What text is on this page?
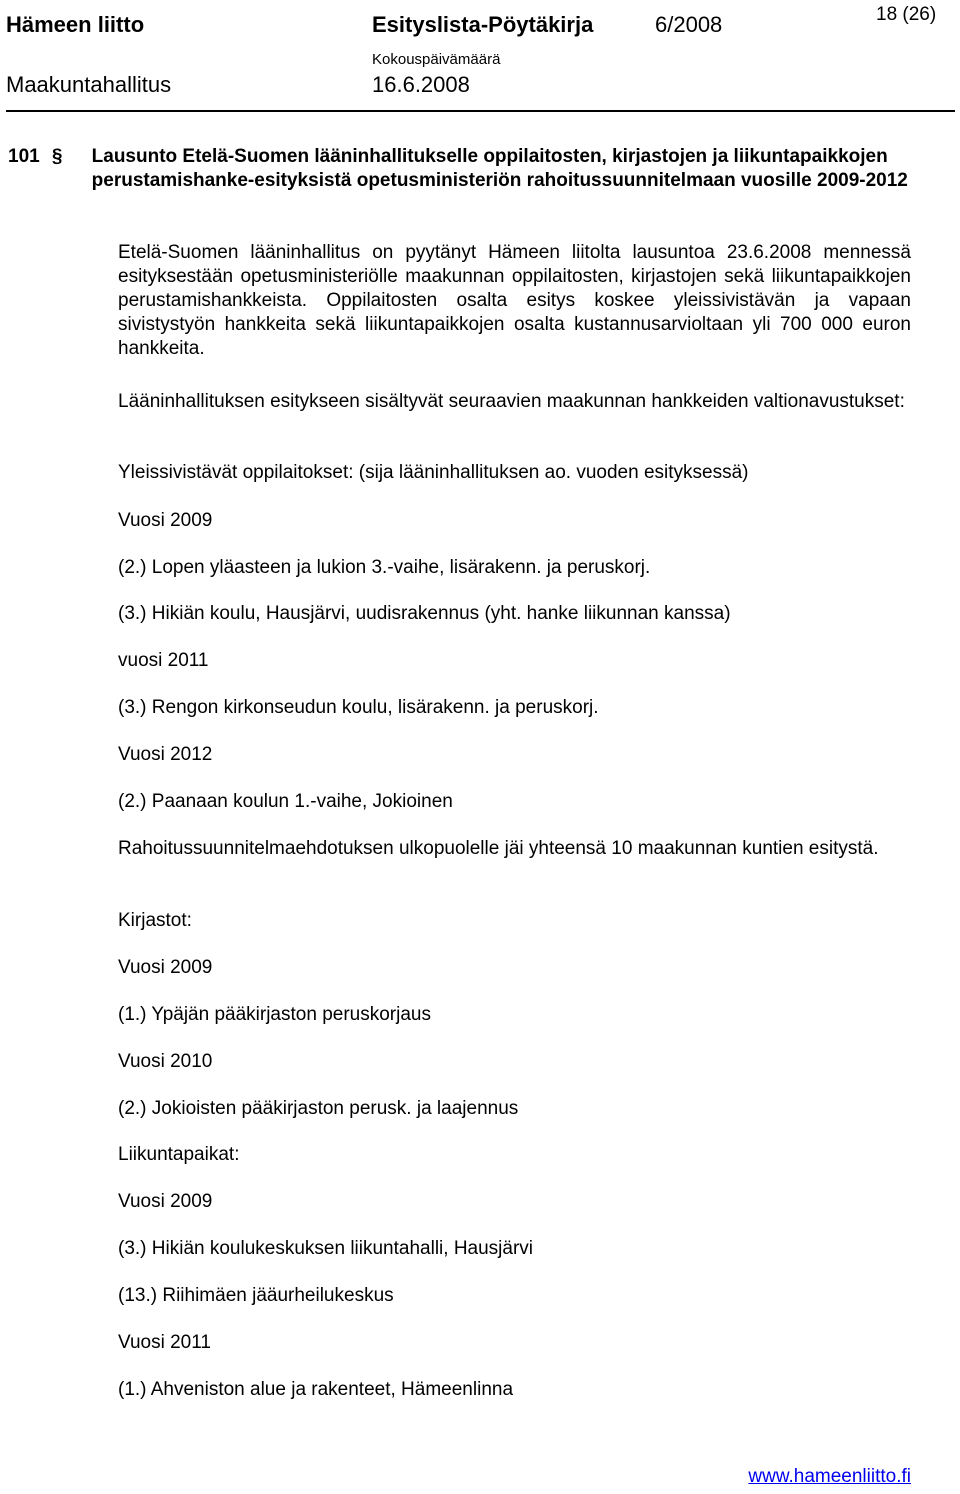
Hämeen liitto	Esityslista-Pöytäkirja	6/2008	18 (26)
Kokouspäivämäärä
Maakuntahallitus	16.6.2008
101 §	Lausunto Etelä-Suomen lääninhallitukselle oppilaitosten, kirjastojen ja liikuntapaikkojen perustamishanke-esityksistä opetusministeriön rahoitussuunnitelmaan vuosille 2009-2012
Etelä-Suomen lääninhallitus on pyytänyt Hämeen liitolta lausuntoa 23.6.2008 mennessä esityksestään opetusministeriölle maakunnan oppilaitosten, kirjastojen sekä liikuntapaikkojen perustamishankkeista. Oppilaitosten osalta esitys koskee yleissivistävän ja vapaan sivistystyön hankkeita sekä liikuntapaikkojen osalta kustannusarvioltaan yli 700 000 euron hankkeita.
Lääninhallituksen esitykseen sisältyvät seuraavien maakunnan hankkeiden valtionavustukset:
Yleissivistävät oppilaitokset: (sija lääninhallituksen ao. vuoden esityksessä)
Vuosi 2009
(2.) Lopen yläasteen ja lukion 3.-vaihe, lisärakenn. ja peruskorj.
(3.) Hikiän koulu, Hausjärvi, uudisrakennus (yht. hanke liikunnan kanssa)
vuosi 2011
(3.) Rengon kirkonseudun koulu, lisärakenn. ja peruskorj.
Vuosi 2012
(2.) Paanaan koulun 1.-vaihe, Jokioinen
Rahoitussuunnitelmaehdotuksen ulkopuolelle jäi yhteensä 10 maakunnan kuntien esitystä.
Kirjastot:
Vuosi 2009
(1.) Ypäjän pääkirjaston peruskorjaus
Vuosi 2010
(2.) Jokioisten pääkirjaston perusk. ja laajennus
Liikuntapaikat:
Vuosi 2009
(3.) Hikiän koulukeskuksen liikuntahalli, Hausjärvi
(13.) Riihimäen jääurheilukeskus
Vuosi 2011
(1.) Ahveniston alue ja rakenteet, Hämeenlinna
www.hameenliitto.fi
